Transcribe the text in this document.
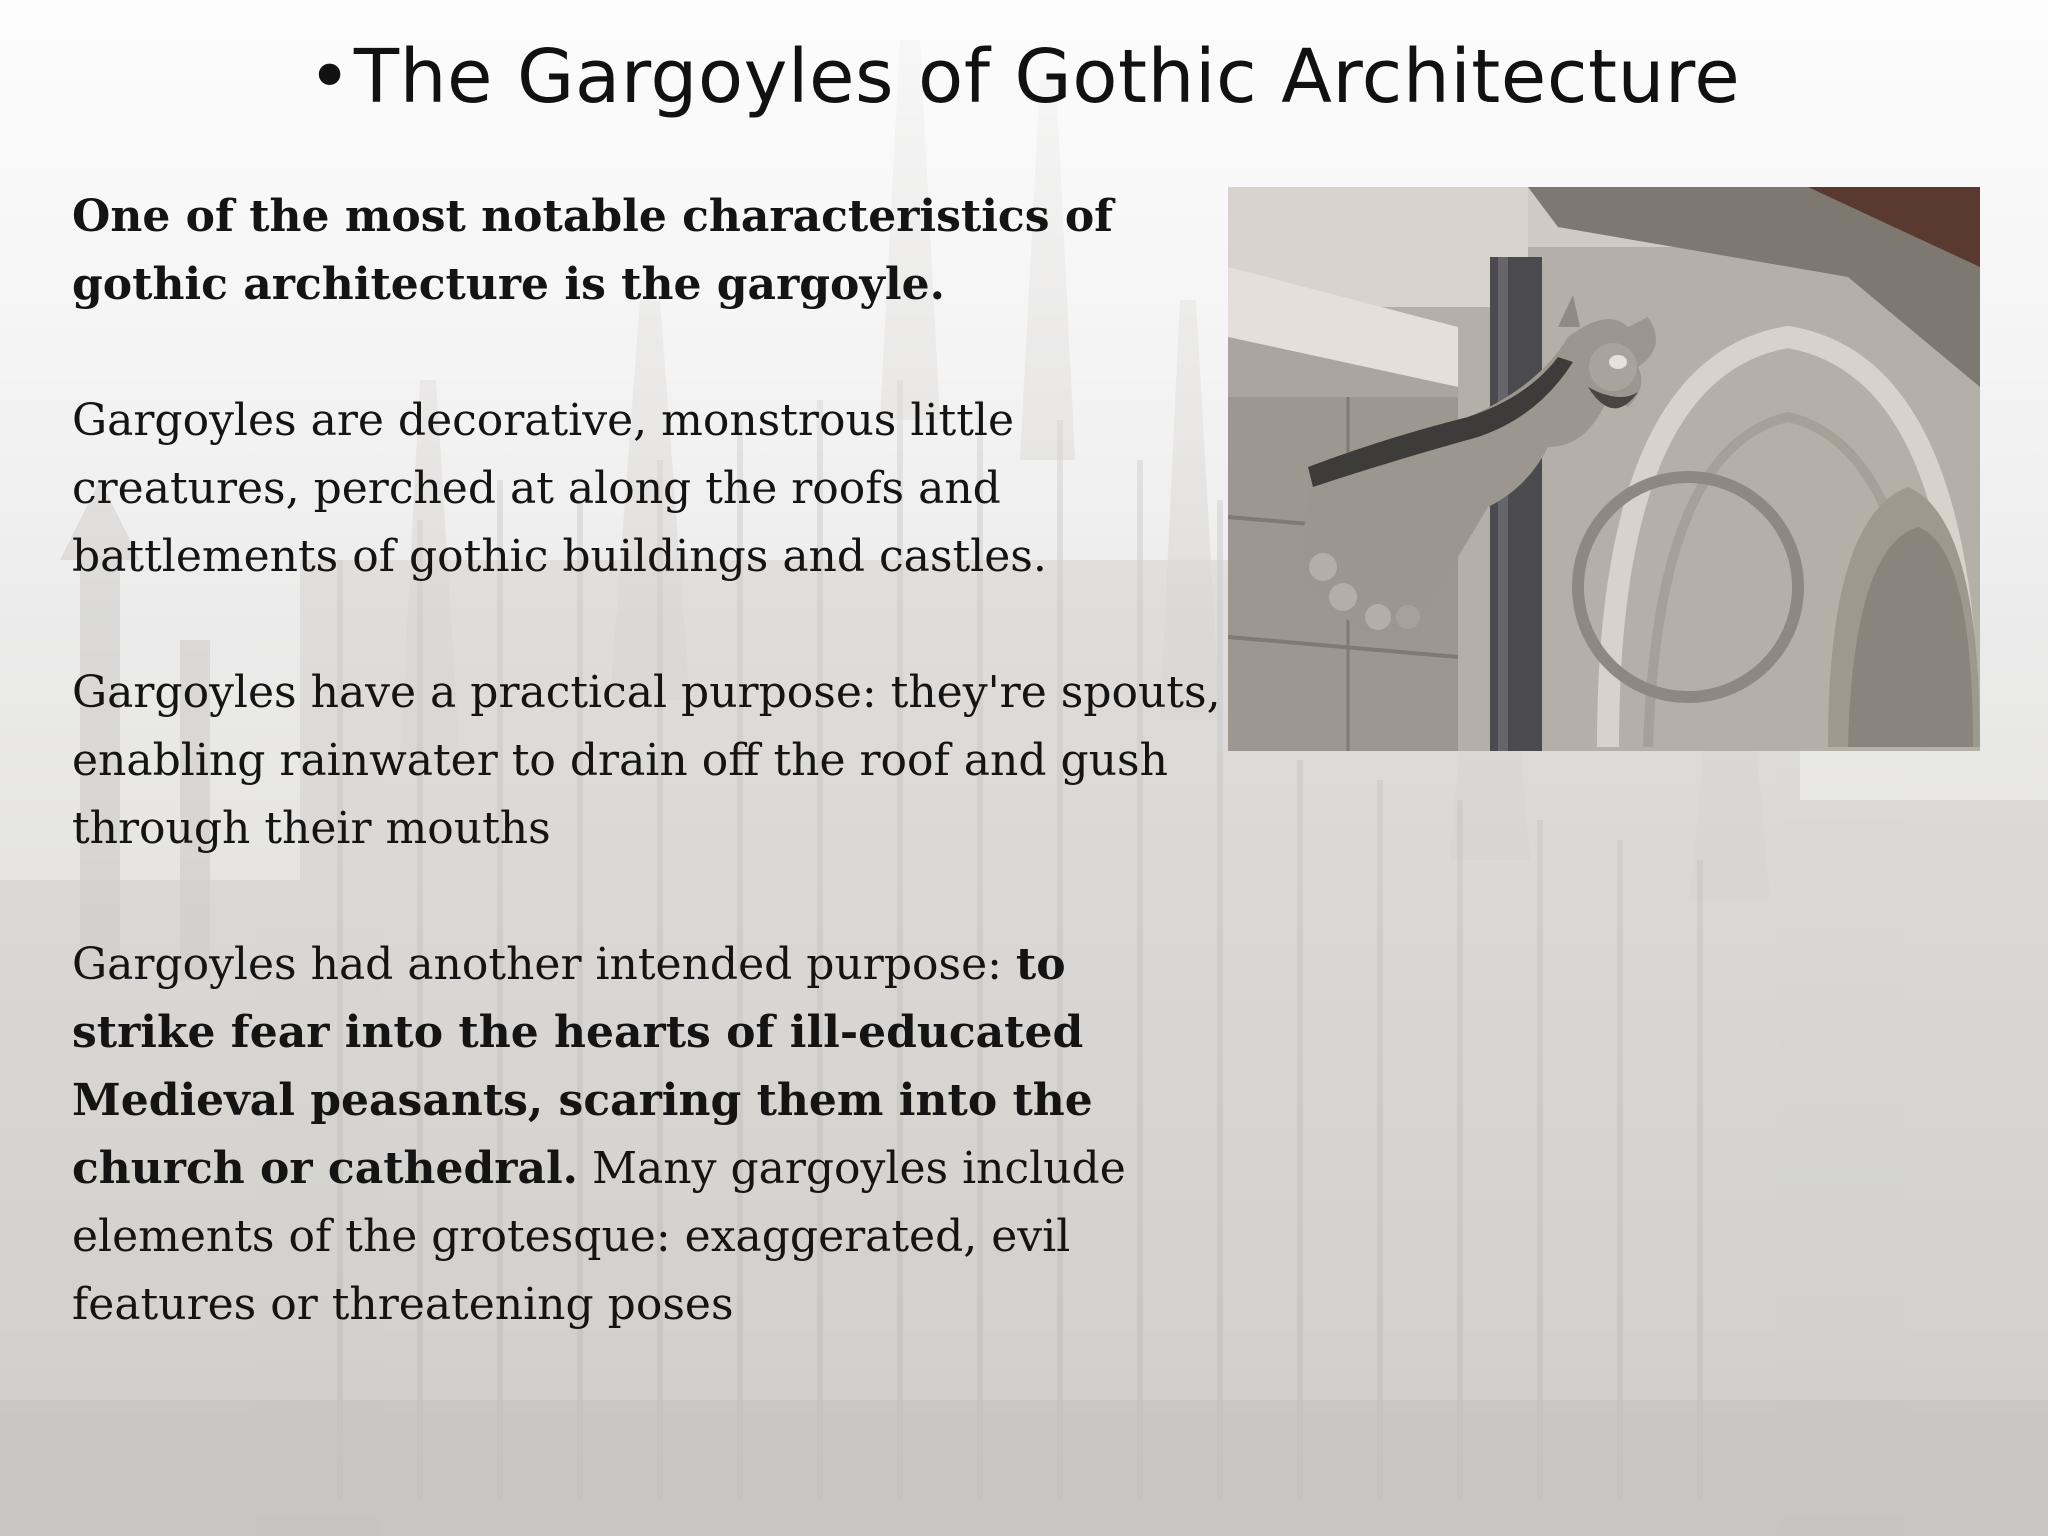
•The Gargoyles of Gothic Architecture

One of the most notable characteristics of gothic architecture is the gargoyle.

Gargoyles are decorative, monstrous little creatures, perched at along the roofs and battlements of gothic buildings and castles.

Gargoyles have a practical purpose: they're spouts, enabling rainwater to drain off the roof and gush through their mouths

Gargoyles had another intended purpose: to strike fear into the hearts of ill-educated Medieval peasants, scaring them into the church or cathedral. Many gargoyles include elements of the grotesque: exaggerated, evil features or threatening poses
